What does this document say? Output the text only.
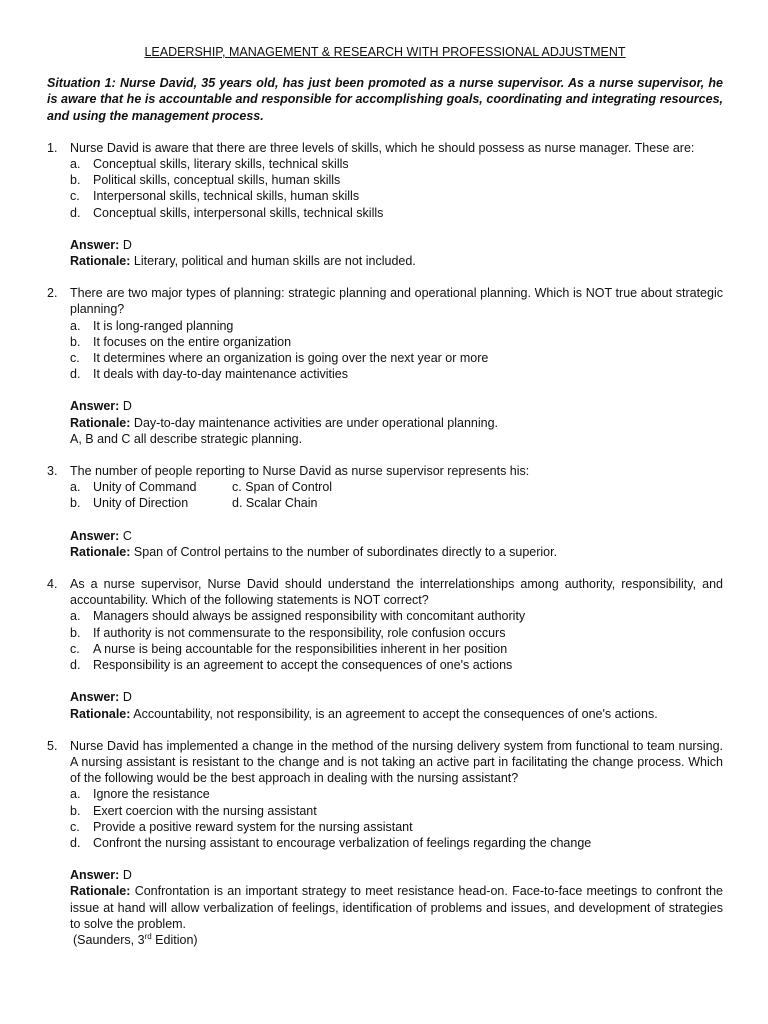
LEADERSHIP, MANAGEMENT & RESEARCH WITH PROFESSIONAL ADJUSTMENT
Situation 1: Nurse David, 35 years old, has just been promoted as a nurse supervisor. As a nurse supervisor, he is aware that he is accountable and responsible for accomplishing goals, coordinating and integrating resources, and using the management process.
1. Nurse David is aware that there are three levels of skills, which he should possess as nurse manager. These are:
a. Conceptual skills, literary skills, technical skills
b. Political skills, conceptual skills, human skills
c. Interpersonal skills, technical skills, human skills
d. Conceptual skills, interpersonal skills, technical skills
Answer: D
Rationale: Literary, political and human skills are not included.
2. There are two major types of planning: strategic planning and operational planning. Which is NOT true about strategic planning?
a. It is long-ranged planning
b. It focuses on the entire organization
c. It determines where an organization is going over the next year or more
d. It deals with day-to-day maintenance activities
Answer: D
Rationale: Day-to-day maintenance activities are under operational planning.
A, B and C all describe strategic planning.
3. The number of people reporting to Nurse David as nurse supervisor represents his:
a. Unity of Command	c. Span of Control
b. Unity of Direction	d. Scalar Chain
Answer: C
Rationale: Span of Control pertains to the number of subordinates directly to a superior.
4. As a nurse supervisor, Nurse David should understand the interrelationships among authority, responsibility, and accountability. Which of the following statements is NOT correct?
a. Managers should always be assigned responsibility with concomitant authority
b. If authority is not commensurate to the responsibility, role confusion occurs
c. A nurse is being accountable for the responsibilities inherent in her position
d. Responsibility is an agreement to accept the consequences of one's actions
Answer: D
Rationale: Accountability, not responsibility, is an agreement to accept the consequences of one's actions.
5. Nurse David has implemented a change in the method of the nursing delivery system from functional to team nursing. A nursing assistant is resistant to the change and is not taking an active part in facilitating the change process. Which of the following would be the best approach in dealing with the nursing assistant?
a. Ignore the resistance
b. Exert coercion with the nursing assistant
c. Provide a positive reward system for the nursing assistant
d. Confront the nursing assistant to encourage verbalization of feelings regarding the change
Answer: D
Rationale: Confrontation is an important strategy to meet resistance head-on. Face-to-face meetings to confront the issue at hand will allow verbalization of feelings, identification of problems and issues, and development of strategies to solve the problem.
(Saunders, 3rd Edition)
